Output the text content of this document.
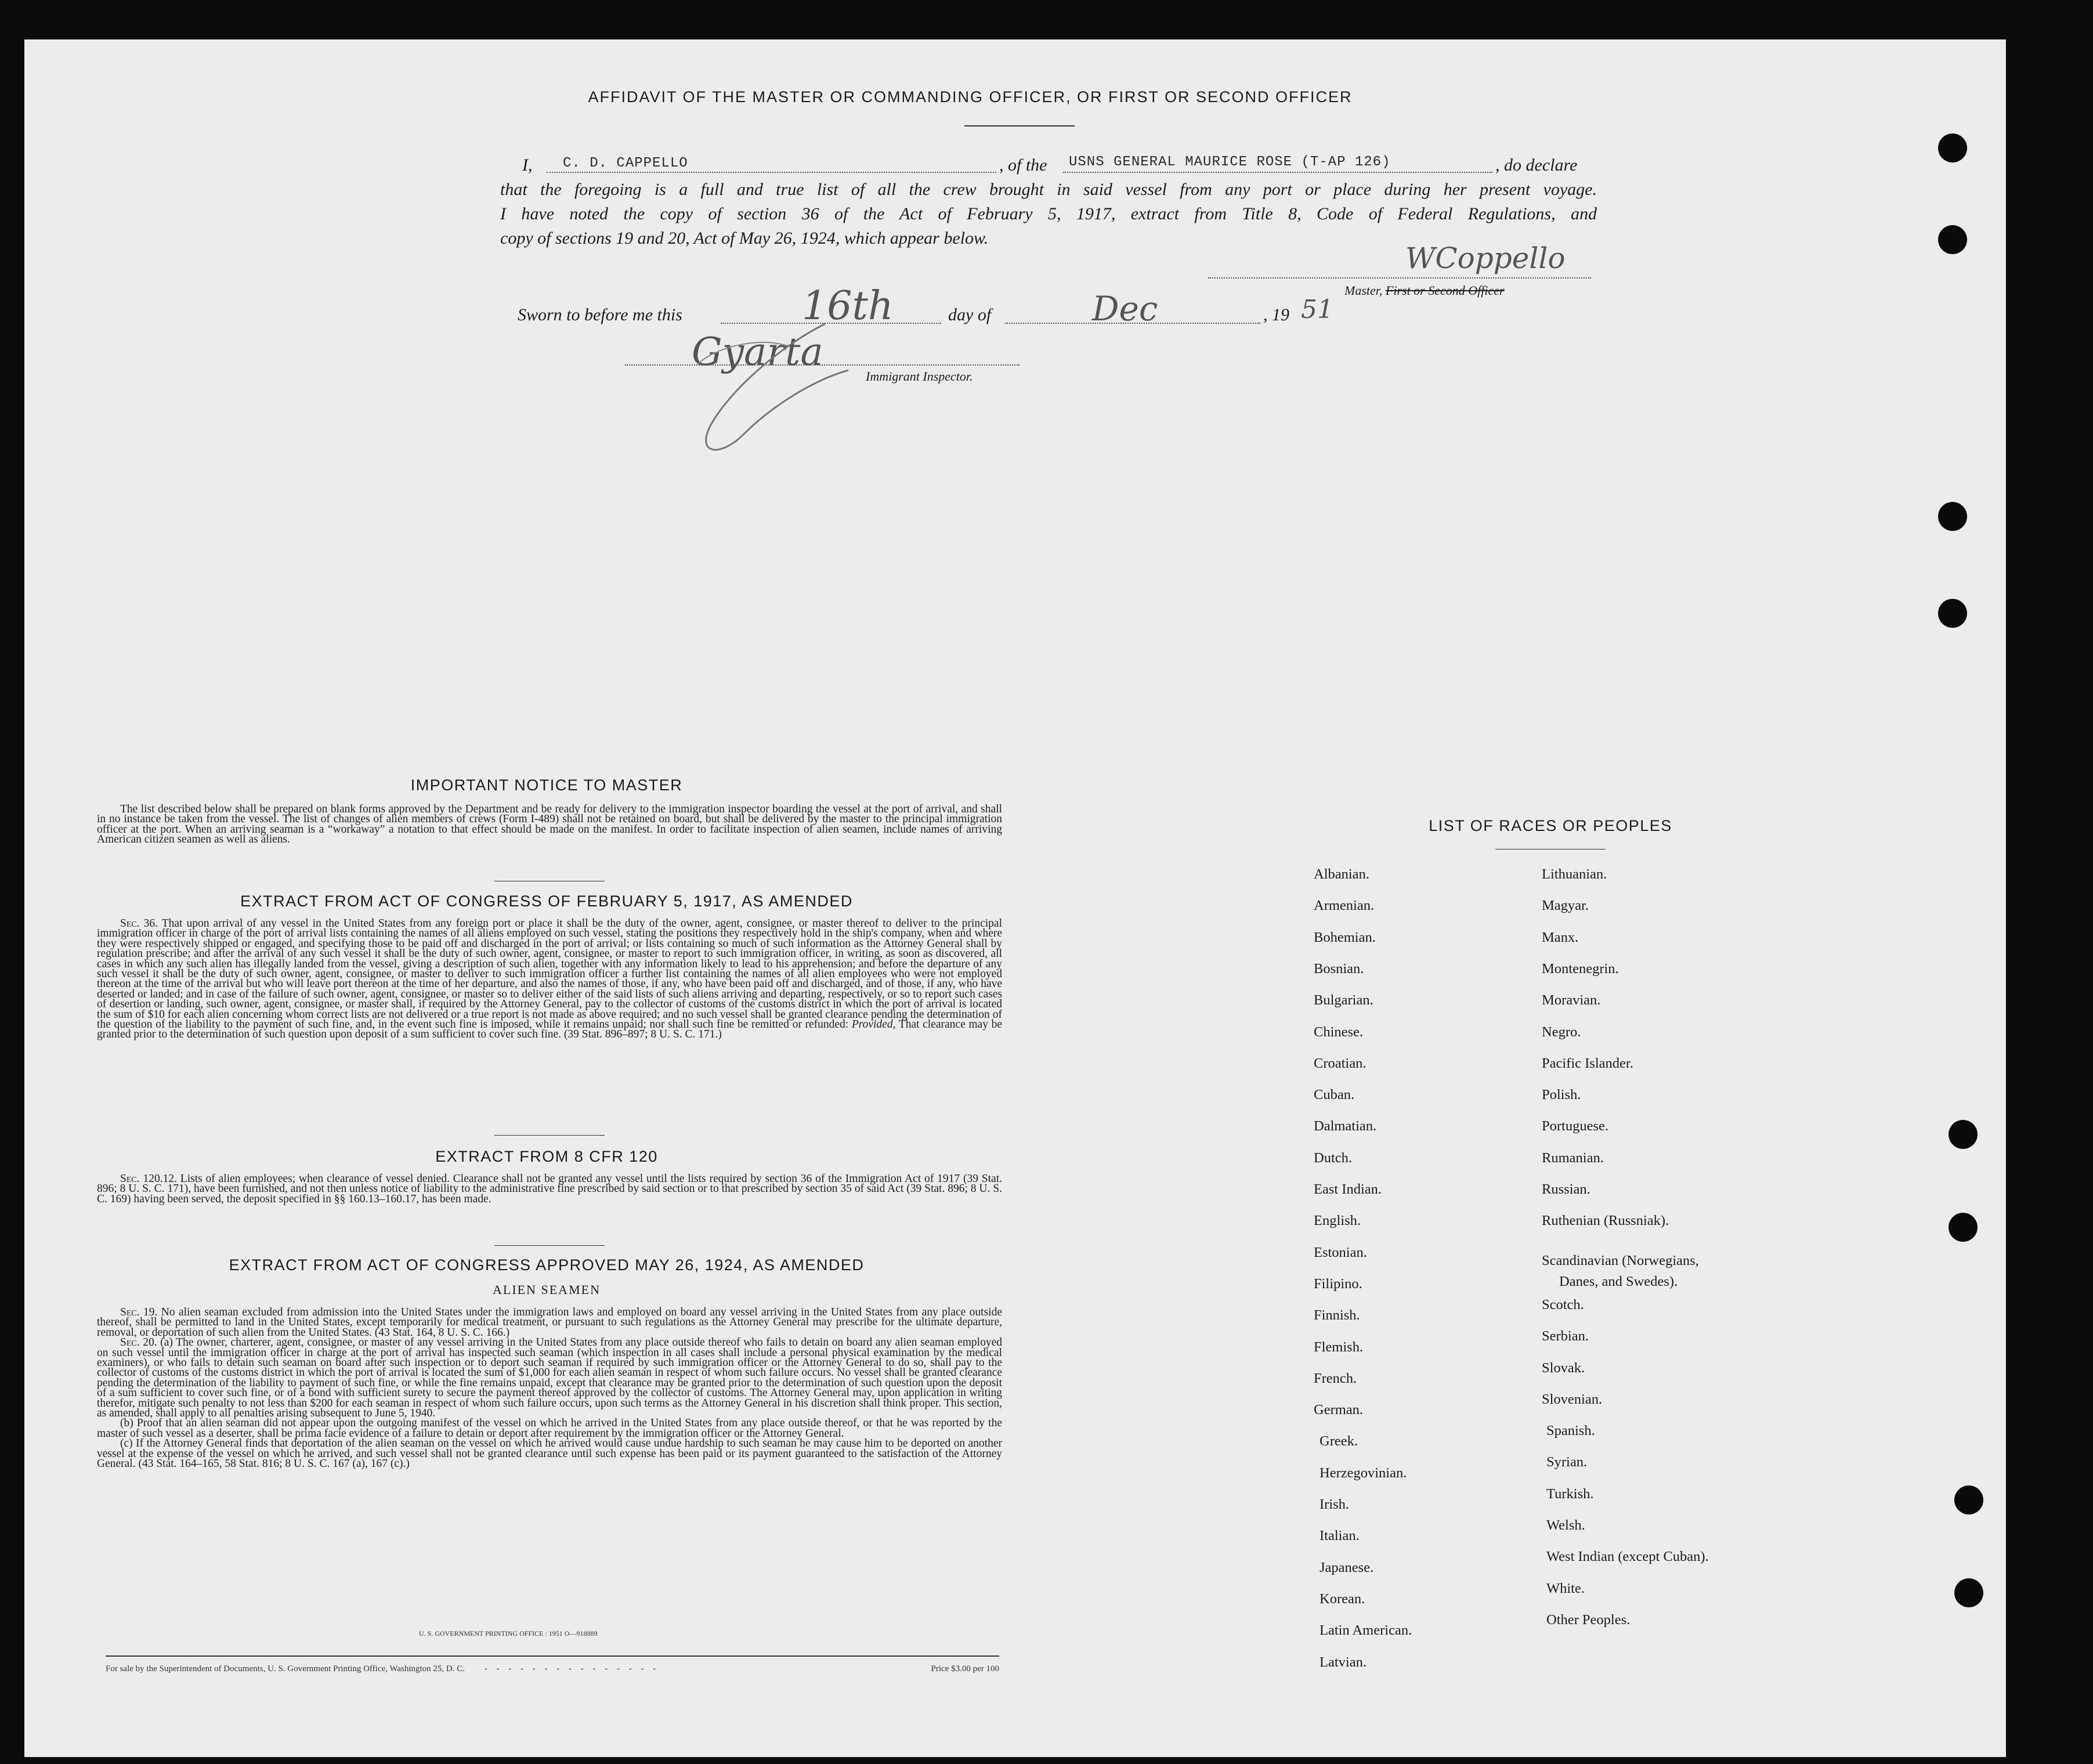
AFFIDAVIT OF THE MASTER OR COMMANDING OFFICER, OR FIRST OR SECOND OFFICER
I, C. D. CAPPELLO	, of the USNS GENERAL MAURICE ROSE (T-AP 126)	, do declare
that the foregoing is a full and true list of all the crew brought in said vessel from any port or place during her present voyage.
I have noted the copy of section 36 of the Act of February 5, 1917, extract from Title 8, Code of Federal Regulations, and
copy of sections 19 and 20, Act of May 26, 1924, which appear below.
WCoppello
Master, First or Second Officer
Sworn to before me this	16th	day of	Dec	, 19 51
Gyarta
Immigrant Inspector.
IMPORTANT NOTICE TO MASTER

The list described below shall be prepared on blank forms approved by the Department and be ready for delivery to the immigration inspector boarding the vessel at the port of arrival, and shall in no instance be taken from the vessel. The list of changes of alien members of crews (Form I-489) shall not be retained on board, but shall be delivered by the master to the principal immigration officer at the port. When an arriving seaman is a “workaway” a notation to that effect should be made on the manifest. In order to facilitate inspection of alien seamen, include names of arriving American citizen seamen as well as aliens.

EXTRACT FROM ACT OF CONGRESS OF FEBRUARY 5, 1917, AS AMENDED

Sec. 36. That upon arrival of any vessel in the United States from any foreign port or place it shall be the duty of the owner, agent, consignee, or master thereof to deliver to the principal immigration officer in charge of the port of arrival lists containing the names of all aliens employed on such vessel, stating the positions they respectively hold in the ship's company, when and where they were respectively shipped or engaged, and specifying those to be paid off and discharged in the port of arrival; or lists containing so much of such information as the Attorney General shall by regulation prescribe; and after the arrival of any such vessel it shall be the duty of such owner, agent, consignee, or master to report to such immigration officer, in writing, as soon as discovered, all cases in which any such alien has illegally landed from the vessel, giving a description of such alien, together with any information likely to lead to his apprehension; and before the departure of any such vessel it shall be the duty of such owner, agent, consignee, or master to deliver to such immigration officer a further list containing the names of all alien employees who were not employed thereon at the time of the arrival but who will leave port thereon at the time of her departure, and also the names of those, if any, who have been paid off and discharged, and of those, if any, who have deserted or landed; and in case of the failure of such owner, agent, consignee, or master so to deliver either of the said lists of such aliens arriving and departing, respectively, or so to report such cases of desertion or landing, such owner, agent, consignee, or master shall, if required by the Attorney General, pay to the collector of customs of the customs district in which the port of arrival is located the sum of $10 for each alien concerning whom correct lists are not delivered or a true report is not made as above required; and no such vessel shall be granted clearance pending the determination of the question of the liability to the payment of such fine, and, in the event such fine is imposed, while it remains unpaid; nor shall such fine be remitted or refunded: Provided, That clearance may be granted prior to the determination of such question upon deposit of a sum sufficient to cover such fine. (39 Stat. 896–897; 8 U. S. C. 171.)

EXTRACT FROM 8 CFR 120

Sec. 120.12. Lists of alien employees; when clearance of vessel denied. Clearance shall not be granted any vessel until the lists required by section 36 of the Immigration Act of 1917 (39 Stat. 896; 8 U. S. C. 171), have been furnished, and not then unless notice of liability to the administrative fine prescribed by said section or to that prescribed by section 35 of said Act (39 Stat. 896; 8 U. S. C. 169) having been served, the deposit specified in §§ 160.13–160.17, has been made.

EXTRACT FROM ACT OF CONGRESS APPROVED MAY 26, 1924, AS AMENDED
ALIEN SEAMEN

Sec. 19. No alien seaman excluded from admission into the United States under the immigration laws and employed on board any vessel arriving in the United States from any place outside thereof, shall be permitted to land in the United States, except temporarily for medical treatment, or pursuant to such regulations as the Attorney General may prescribe for the ultimate departure, removal, or deportation of such alien from the United States. (43 Stat. 164, 8 U. S. C. 166.)

Sec. 20. (a) The owner, charterer, agent, consignee, or master of any vessel arriving in the United States from any place outside thereof who fails to detain on board any alien seaman employed on such vessel until the immigration officer in charge at the port of arrival has inspected such seaman (which inspection in all cases shall include a personal physical examination by the medical examiners), or who fails to detain such seaman on board after such inspection or to deport such seaman if required by such immigration officer or the Attorney General to do so, shall pay to the collector of customs of the customs district in which the port of arrival is located the sum of $1,000 for each alien seaman in respect of whom such failure occurs. No vessel shall be granted clearance pending the determination of the liability to payment of such fine, or while the fine remains unpaid, except that clearance may be granted prior to the determination of such question upon the deposit of a sum sufficient to cover such fine, or of a bond with sufficient surety to secure the payment thereof approved by the collector of customs. The Attorney General may, upon application in writing therefor, mitigate such penalty to not less than $200 for each seaman in respect of whom such failure occurs, upon such terms as the Attorney General in his discretion shall think proper. This section, as amended, shall apply to all penalties arising subsequent to June 5, 1940.

(b) Proof that an alien seaman did not appear upon the outgoing manifest of the vessel on which he arrived in the United States from any place outside thereof, or that he was reported by the master of such vessel as a deserter, shall be prima facie evidence of a failure to detain or deport after requirement by the immigration officer or the Attorney General.

(c) If the Attorney General finds that deportation of the alien seaman on the vessel on which he arrived would cause undue hardship to such seaman he may cause him to be deported on another vessel at the expense of the vessel on which he arrived, and such vessel shall not be granted clearance until such expense has been paid or its payment guaranteed to the satisfaction of the Attorney General. (43 Stat. 164–165, 58 Stat. 816; 8 U. S. C. 167 (a), 167 (c).)

U. S. GOVERNMENT PRINTING OFFICE : 1951 O—918889
For sale by the Superintendent of Documents, U. S. Government Printing Office, Washington 25, D. C. - - - - - - - - - - - - - - -	Price $3.00 per 100
LIST OF RACES OR PEOPLES
Albanian.
Armenian.
Bohemian.
Bosnian.
Bulgarian.
Chinese.
Croatian.
Cuban.
Dalmatian.
Dutch.
East Indian.
English.
Estonian.
Filipino.
Finnish.
Flemish.
French.
German.
Greek.
Herzegovinian.
Irish.
Italian.
Japanese.
Korean.
Latin American.
Latvian.
Lithuanian.
Magyar.
Manx.
Montenegrin.
Moravian.
Negro.
Pacific Islander.
Polish.
Portuguese.
Rumanian.
Russian.
Ruthenian (Russniak).
Scandinavian (Norwegians,
Danes, and Swedes).
Scotch.
Serbian.
Slovak.
Slovenian.
Spanish.
Syrian.
Turkish.
Welsh.
West Indian (except Cuban).
White.
Other Peoples.
